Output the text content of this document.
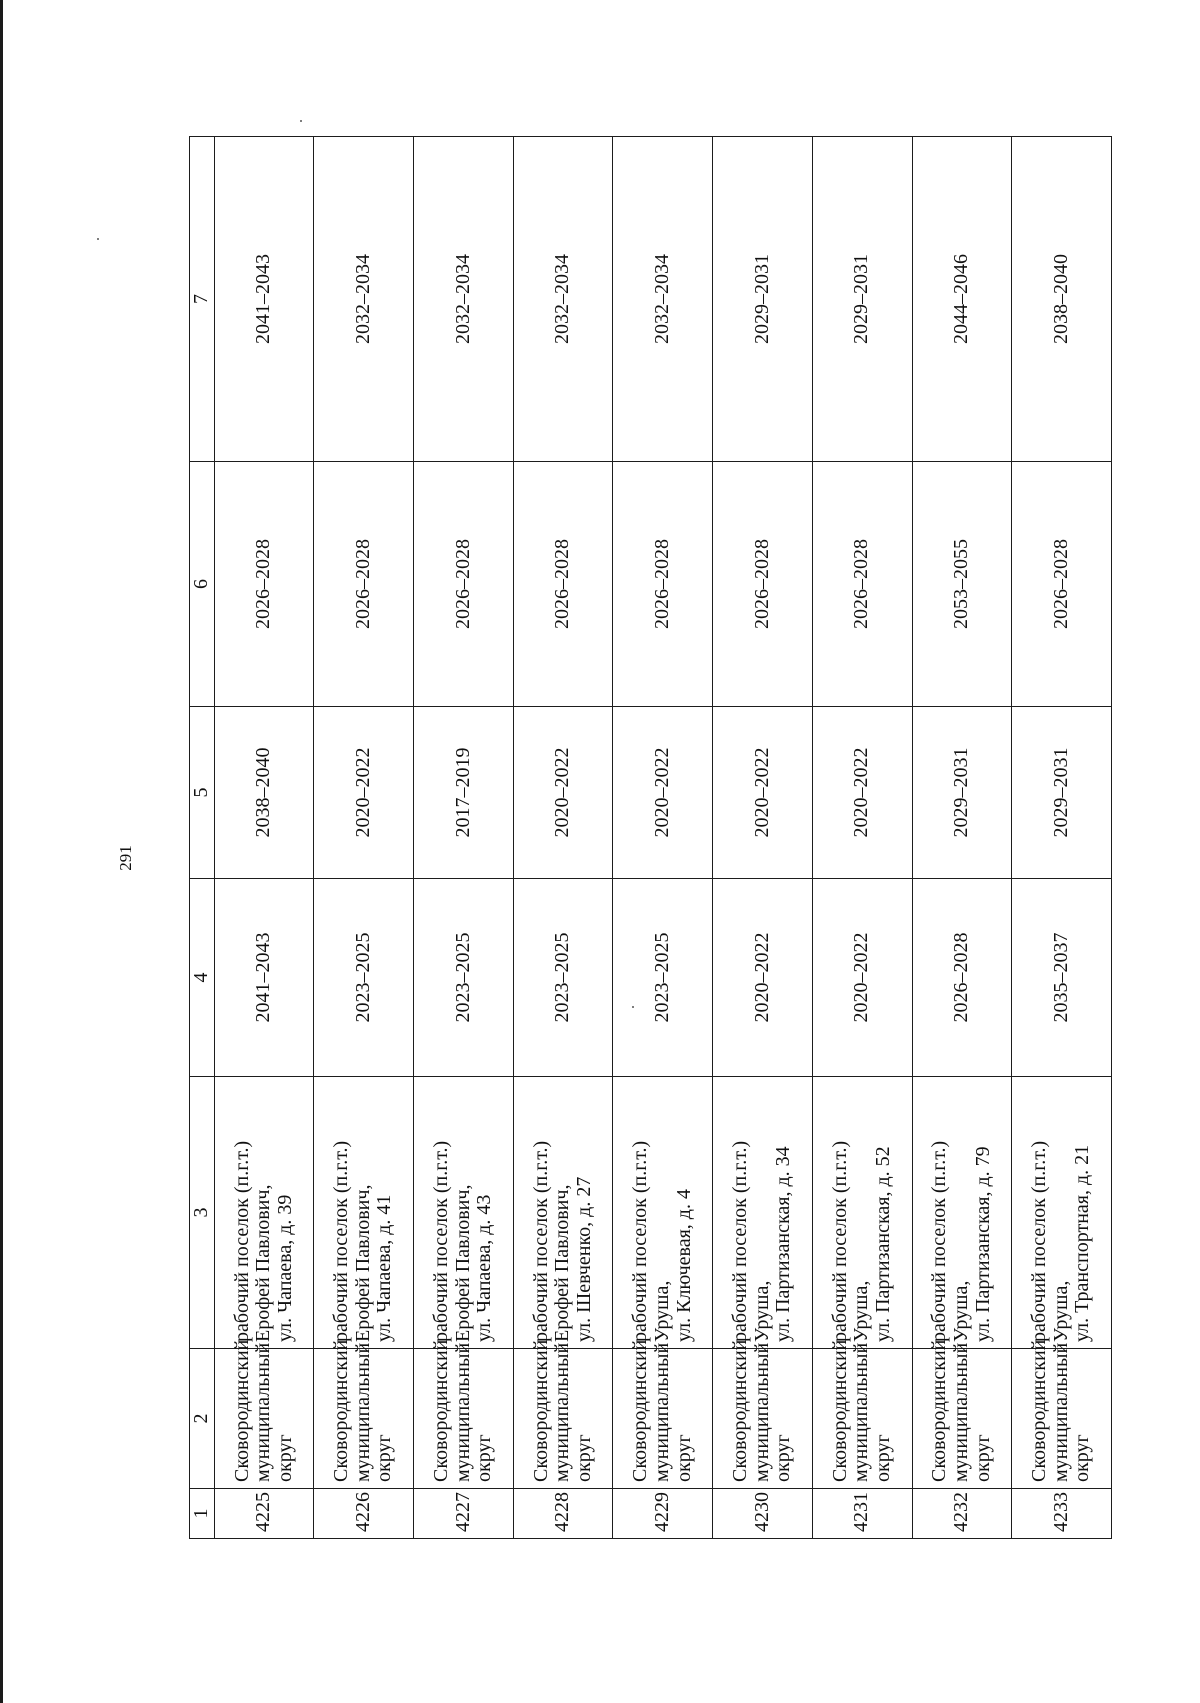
291
1	2	3	4	5	6	7
4225	Сковородинский муниципальный округ	рабочий поселок (п.г.т.) Ерофей Павлович, ул. Чапаева, д. 39	2041–2043	2038–2040	2026–2028	2041–2043
4226	Сковородинский муниципальный округ	рабочий поселок (п.г.т.) Ерофей Павлович, ул. Чапаева, д. 41	2023–2025	2020–2022	2026–2028	2032–2034
4227	Сковородинский муниципальный округ	рабочий поселок (п.г.т.) Ерофей Павлович, ул. Чапаева, д. 43	2023–2025	2017–2019	2026–2028	2032–2034
4228	Сковородинский муниципальный округ	рабочий поселок (п.г.т.) Ерофей Павлович, ул. Шевченко, д. 27	2023–2025	2020–2022	2026–2028	2032–2034
4229	Сковородинский муниципальный округ	рабочий поселок (п.г.т.) Уруша, ул. Ключевая, д. 4	2023–2025	2020–2022	2026–2028	2032–2034
4230	Сковородинский муниципальный округ	рабочий поселок (п.г.т.) Уруша, ул. Партизанская, д. 34	2020–2022	2020–2022	2026–2028	2029–2031
4231	Сковородинский муниципальный округ	рабочий поселок (п.г.т.) Уруша, ул. Партизанская, д. 52	2020–2022	2020–2022	2026–2028	2029–2031
4232	Сковородинский муниципальный округ	рабочий поселок (п.г.т.) Уруша, ул. Партизанская, д. 79	2026–2028	2029–2031	2053–2055	2044–2046
4233	Сковородинский муниципальный округ	рабочий поселок (п.г.т.) Уруша, ул. Транспортная, д. 21	2035–2037	2029–2031	2026–2028	2038–2040
